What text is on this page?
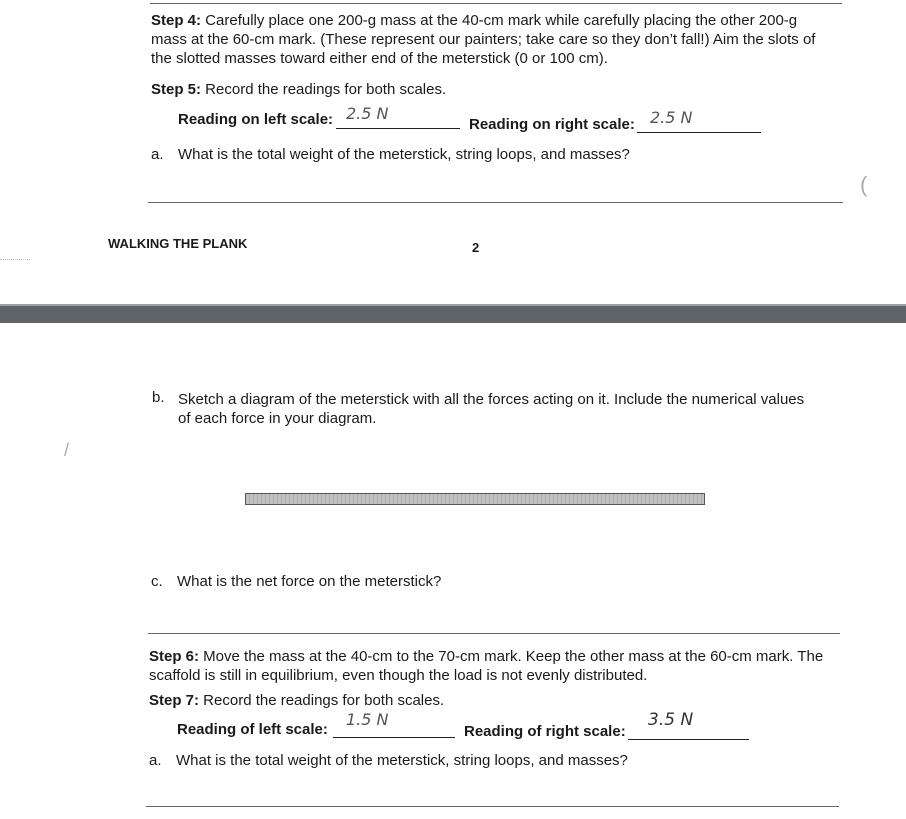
Step 4: Carefully place one 200-g mass at the 40-cm mark while carefully placing the other 200-g
mass at the 60-cm mark. (These represent our painters; take care so they don’t fall!) Aim the slots of
the slotted masses toward either end of the meterstick (0 or 100 cm).
Step 5: Record the readings for both scales.
Reading on left scale: 2.5 N
Reading on right scale: 2.5 N
a. What is the total weight of the meterstick, string loops, and masses?
(
WALKING THE PLANK	2
/
b. Sketch a diagram of the meterstick with all the forces acting on it. Include the numerical values
of each force in your diagram.
c. What is the net force on the meterstick?
Step 6: Move the mass at the 40-cm to the 70-cm mark. Keep the other mass at the 60-cm mark. The
scaffold is still in equilibrium, even though the load is not evenly distributed.
Step 7: Record the readings for both scales.
Reading of left scale:
1.5 N
Reading of right scale:
3.5 N
a. What is the total weight of the meterstick, string loops, and masses?
